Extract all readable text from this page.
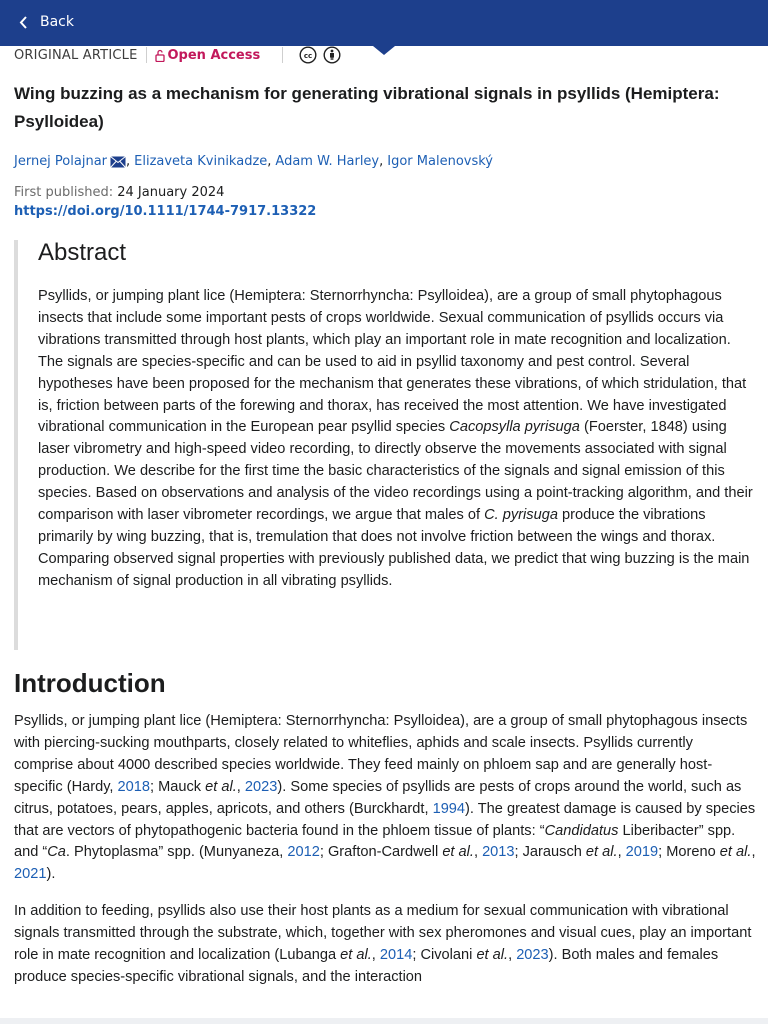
Back
ORIGINAL ARTICLE Open Access	cc
Wing buzzing as a mechanism for generating vibrational signals in psyllids (Hemiptera: Psylloidea)
Jernej Polajnar , Elizaveta Kvinikadze , Adam W. Harley , Igor Malenovský
First published: 24 January 2024
https://doi.org/10.1111/1744-7917.13322
Abstract

Psyllids, or jumping plant lice (Hemiptera: Sternorrhyncha: Psylloidea), are a group of small phytophagous insects that include some important pests of crops worldwide. Sexual communication of psyllids occurs via vibrations transmitted through host plants, which play an important role in mate recognition and localization. The signals are species-specific and can be used to aid in psyllid taxonomy and pest control. Several hypotheses have been proposed for the mechanism that generates these vibrations, of which stridulation, that is, friction between parts of the forewing and thorax, has received the most attention. We have investigated vibrational communication in the European pear psyllid species Cacopsylla pyrisuga (Foerster, 1848) using laser vibrometry and high-speed video recording, to directly observe the movements associated with signal production. We describe for the first time the basic characteristics of the signals and signal emission of this species. Based on observations and analysis of the video recordings using a point-tracking algorithm, and their comparison with laser vibrometer recordings, we argue that males of C. pyrisuga produce the vibrations primarily by wing buzzing, that is, tremulation that does not involve friction between the wings and thorax. Comparing observed signal properties with previously published data, we predict that wing buzzing is the main mechanism of signal production in all vibrating psyllids.

Introduction

Psyllids, or jumping plant lice (Hemiptera: Sternorrhyncha: Psylloidea), are a group of small phytophagous insects with piercing-sucking mouthparts, closely related to whiteflies, aphids and scale insects. Psyllids currently comprise about 4000 described species worldwide. They feed mainly on phloem sap and are generally host-specific (Hardy, 2018; Mauck et al., 2023). Some species of psyllids are pests of crops around the world, such as citrus, potatoes, pears, apples, apricots, and others (Burckhardt, 1994). The greatest damage is caused by species that are vectors of phytopathogenic bacteria found in the phloem tissue of plants: “Candidatus Liberibacter” spp. and “Ca. Phytoplasma” spp. (Munyaneza, 2012; Grafton-Cardwell et al., 2013; Jarausch et al., 2019; Moreno et al., 2021).

In addition to feeding, psyllids also use their host plants as a medium for sexual communication with vibrational signals transmitted through the substrate, which, together with sex pheromones and visual cues, play an important role in mate recognition and localization (Lubanga et al., 2014; Civolani et al., 2023). Both males and females produce species-specific vibrational signals, and the interaction
